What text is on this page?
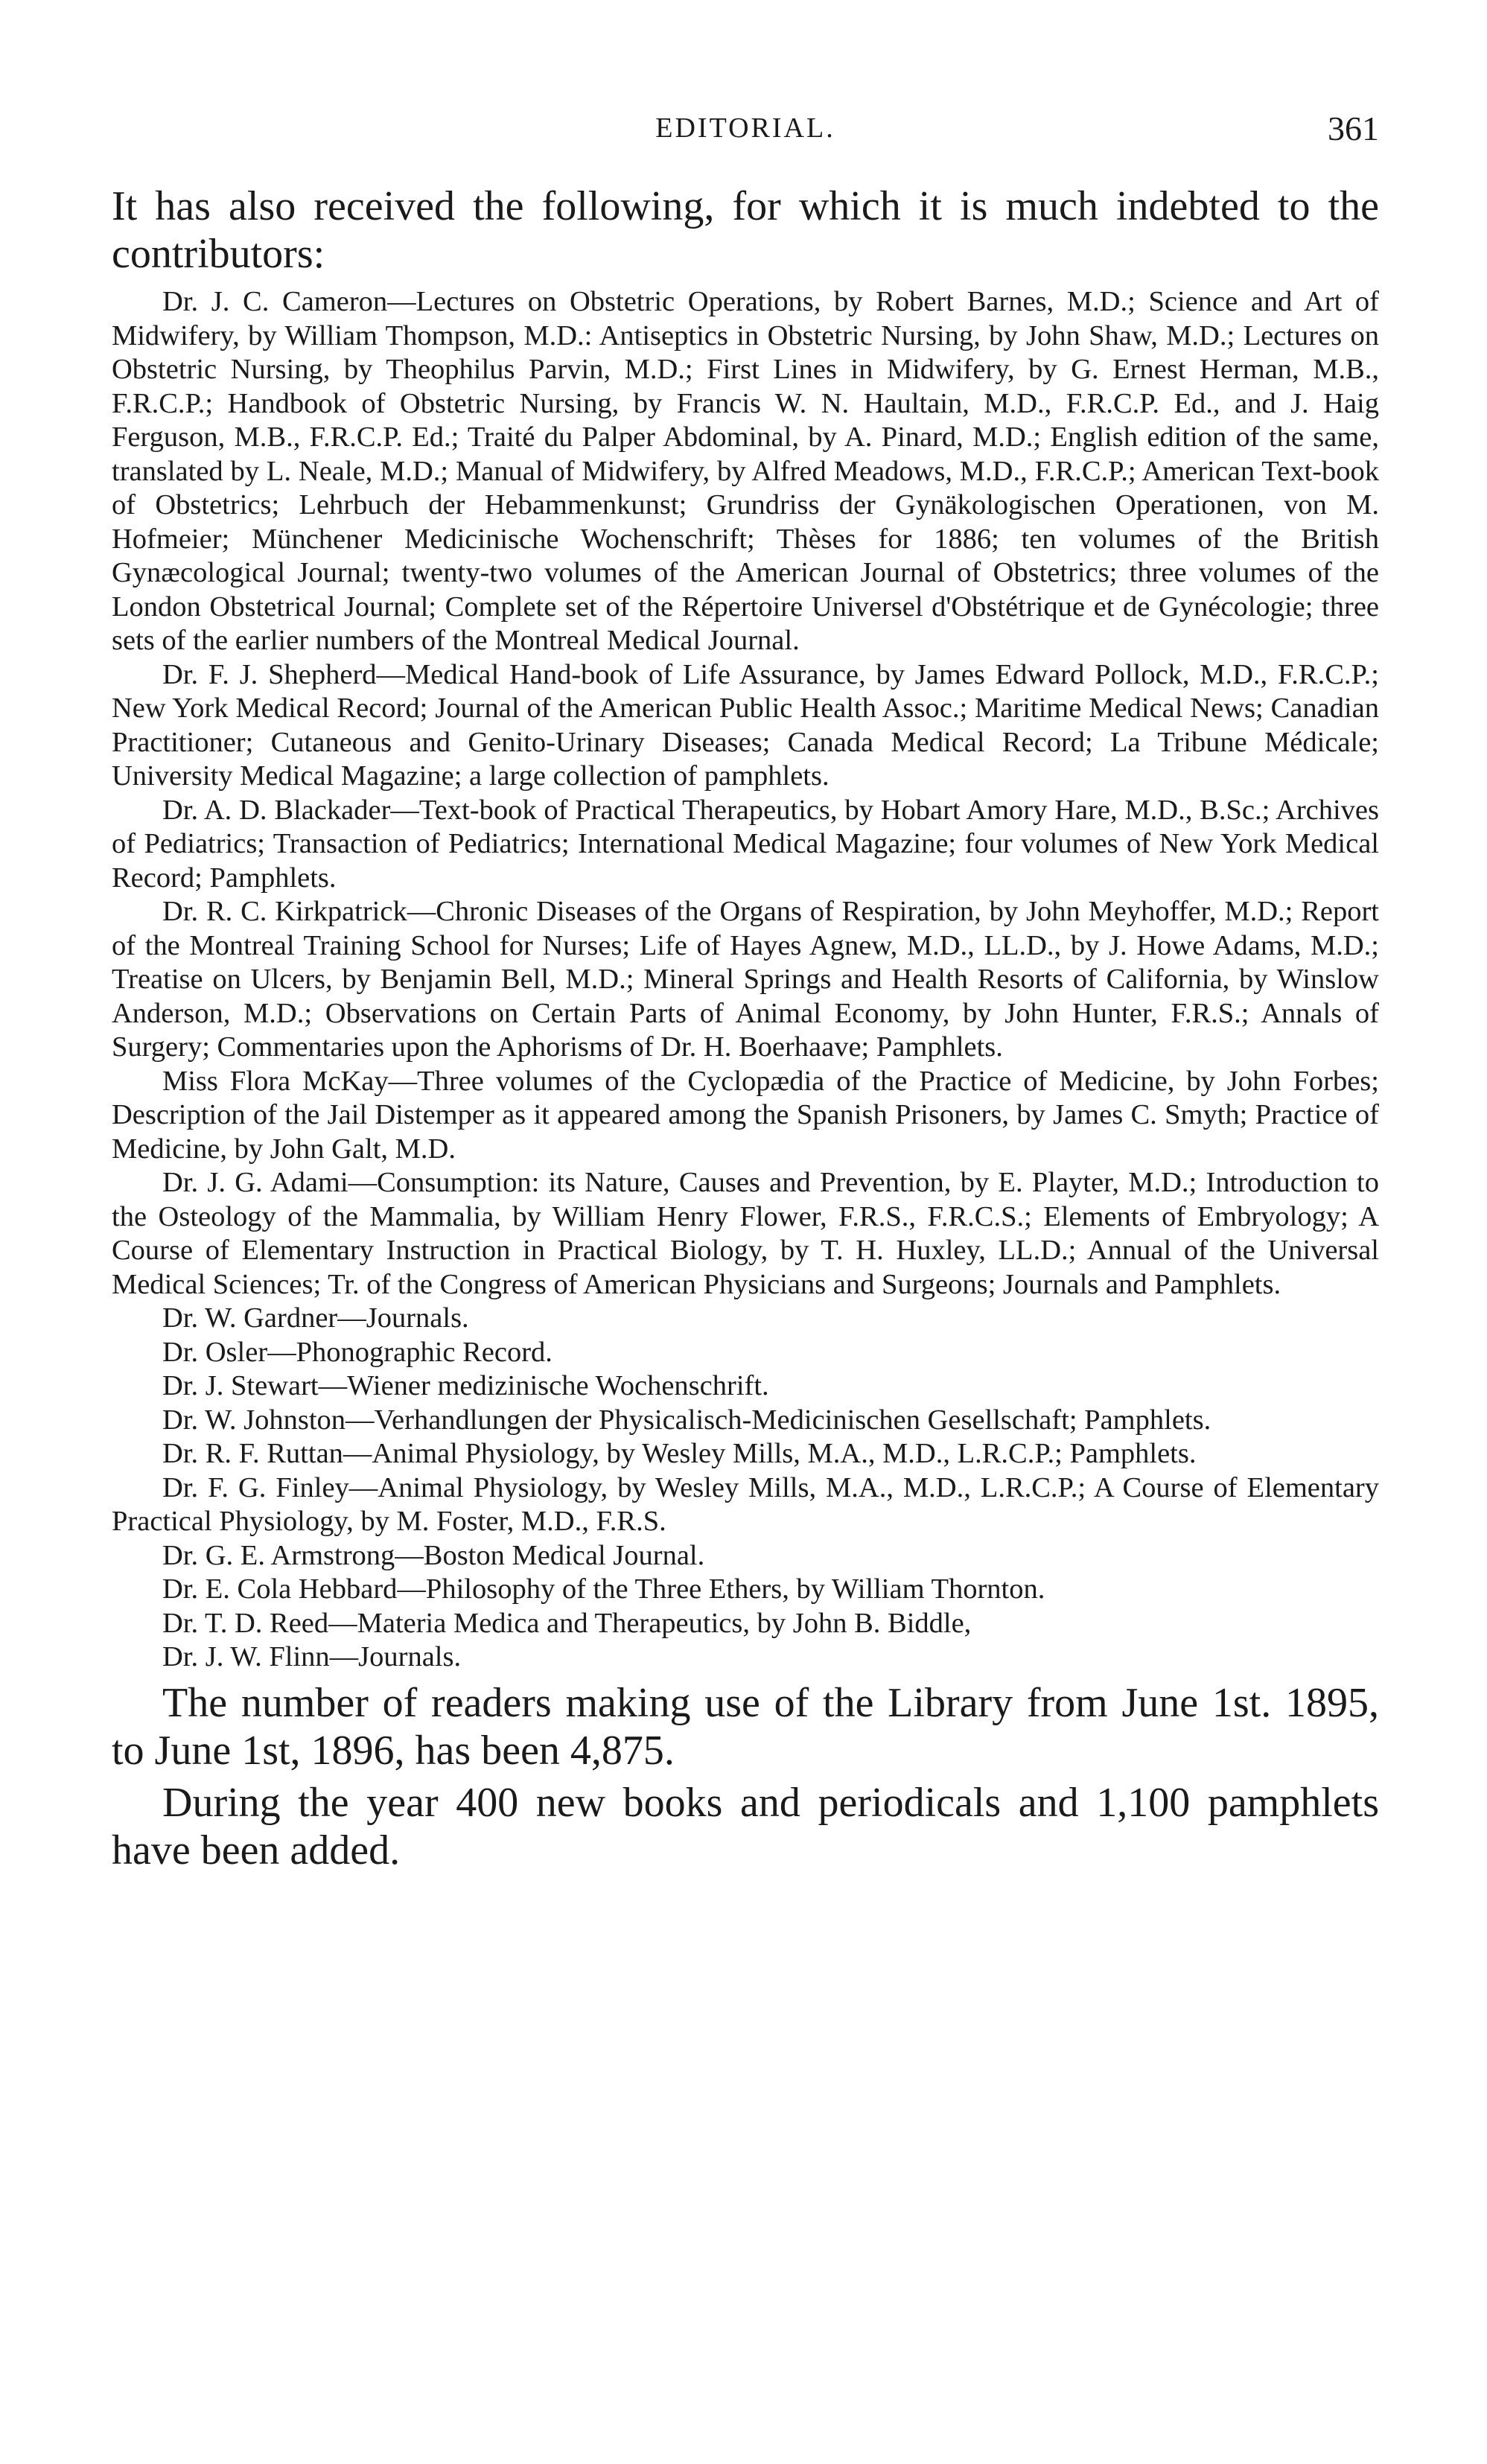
EDITORIAL.	361

It has also received the following, for which it is much indebted to the contributors:

Dr. J. C. Cameron—Lectures on Obstetric Operations, by Robert Barnes, M.D.; Science and Art of Midwifery, by William Thompson, M.D.: Antiseptics in Obstetric Nursing, by John Shaw, M.D.; Lectures on Obstetric Nursing, by Theophilus Parvin, M.D.; First Lines in Midwifery, by G. Ernest Herman, M.B., F.R.C.P.; Handbook of Obstetric Nursing, by Francis W. N. Haultain, M.D., F.R.C.P. Ed., and J. Haig Ferguson, M.B., F.R.C.P. Ed.; Traité du Palper Abdominal, by A. Pinard, M.D.; English edition of the same, translated by L. Neale, M.D.; Manual of Midwifery, by Alfred Meadows, M.D., F.R.C.P.; American Text-book of Obstetrics; Lehrbuch der Hebammenkunst; Grundriss der Gynäkologischen Operationen, von M. Hofmeier; Münchener Medicinische Wochenschrift; Thèses for 1886; ten volumes of the British Gynæcological Journal; twenty-two volumes of the American Journal of Obstetrics; three volumes of the London Obstetrical Journal; Complete set of the Répertoire Universel d'Obstétrique et de Gynécologie; three sets of the earlier numbers of the Montreal Medical Journal.

Dr. F. J. Shepherd—Medical Hand-book of Life Assurance, by James Edward Pollock, M.D., F.R.C.P.; New York Medical Record; Journal of the American Public Health Assoc.; Maritime Medical News; Canadian Practitioner; Cutaneous and Genito-Urinary Diseases; Canada Medical Record; La Tribune Médicale; University Medical Magazine; a large collection of pamphlets.

Dr. A. D. Blackader—Text-book of Practical Therapeutics, by Hobart Amory Hare, M.D., B.Sc.; Archives of Pediatrics; Transaction of Pediatrics; International Medical Magazine; four volumes of New York Medical Record; Pamphlets.

Dr. R. C. Kirkpatrick—Chronic Diseases of the Organs of Respiration, by John Meyhoffer, M.D.; Report of the Montreal Training School for Nurses; Life of Hayes Agnew, M.D., LL.D., by J. Howe Adams, M.D.; Treatise on Ulcers, by Benjamin Bell, M.D.; Mineral Springs and Health Resorts of California, by Winslow Anderson, M.D.; Observations on Certain Parts of Animal Economy, by John Hunter, F.R.S.; Annals of Surgery; Commentaries upon the Aphorisms of Dr. H. Boerhaave; Pamphlets.

Miss Flora McKay—Three volumes of the Cyclopædia of the Practice of Medicine, by John Forbes; Description of the Jail Distemper as it appeared among the Spanish Prisoners, by James C. Smyth; Practice of Medicine, by John Galt, M.D.

Dr. J. G. Adami—Consumption: its Nature, Causes and Prevention, by E. Playter, M.D.; Introduction to the Osteology of the Mammalia, by William Henry Flower, F.R.S., F.R.C.S.; Elements of Embryology; A Course of Elementary Instruction in Practical Biology, by T. H. Huxley, LL.D.; Annual of the Universal Medical Sciences; Tr. of the Congress of American Physicians and Surgeons; Journals and Pamphlets.

Dr. W. Gardner—Journals.

Dr. Osler—Phonographic Record.

Dr. J. Stewart—Wiener medizinische Wochenschrift.

Dr. W. Johnston—Verhandlungen der Physicalisch-Medicinischen Gesellschaft; Pamphlets.

Dr. R. F. Ruttan—Animal Physiology, by Wesley Mills, M.A., M.D., L.R.C.P.; Pamphlets.

Dr. F. G. Finley—Animal Physiology, by Wesley Mills, M.A., M.D., L.R.C.P.; A Course of Elementary Practical Physiology, by M. Foster, M.D., F.R.S.

Dr. G. E. Armstrong—Boston Medical Journal.

Dr. E. Cola Hebbard—Philosophy of the Three Ethers, by William Thornton.

Dr. T. D. Reed—Materia Medica and Therapeutics, by John B. Biddle,

Dr. J. W. Flinn—Journals.

The number of readers making use of the Library from June 1st. 1895, to June 1st, 1896, has been 4,875.

During the year 400 new books and periodicals and 1,100 pamphlets have been added.
